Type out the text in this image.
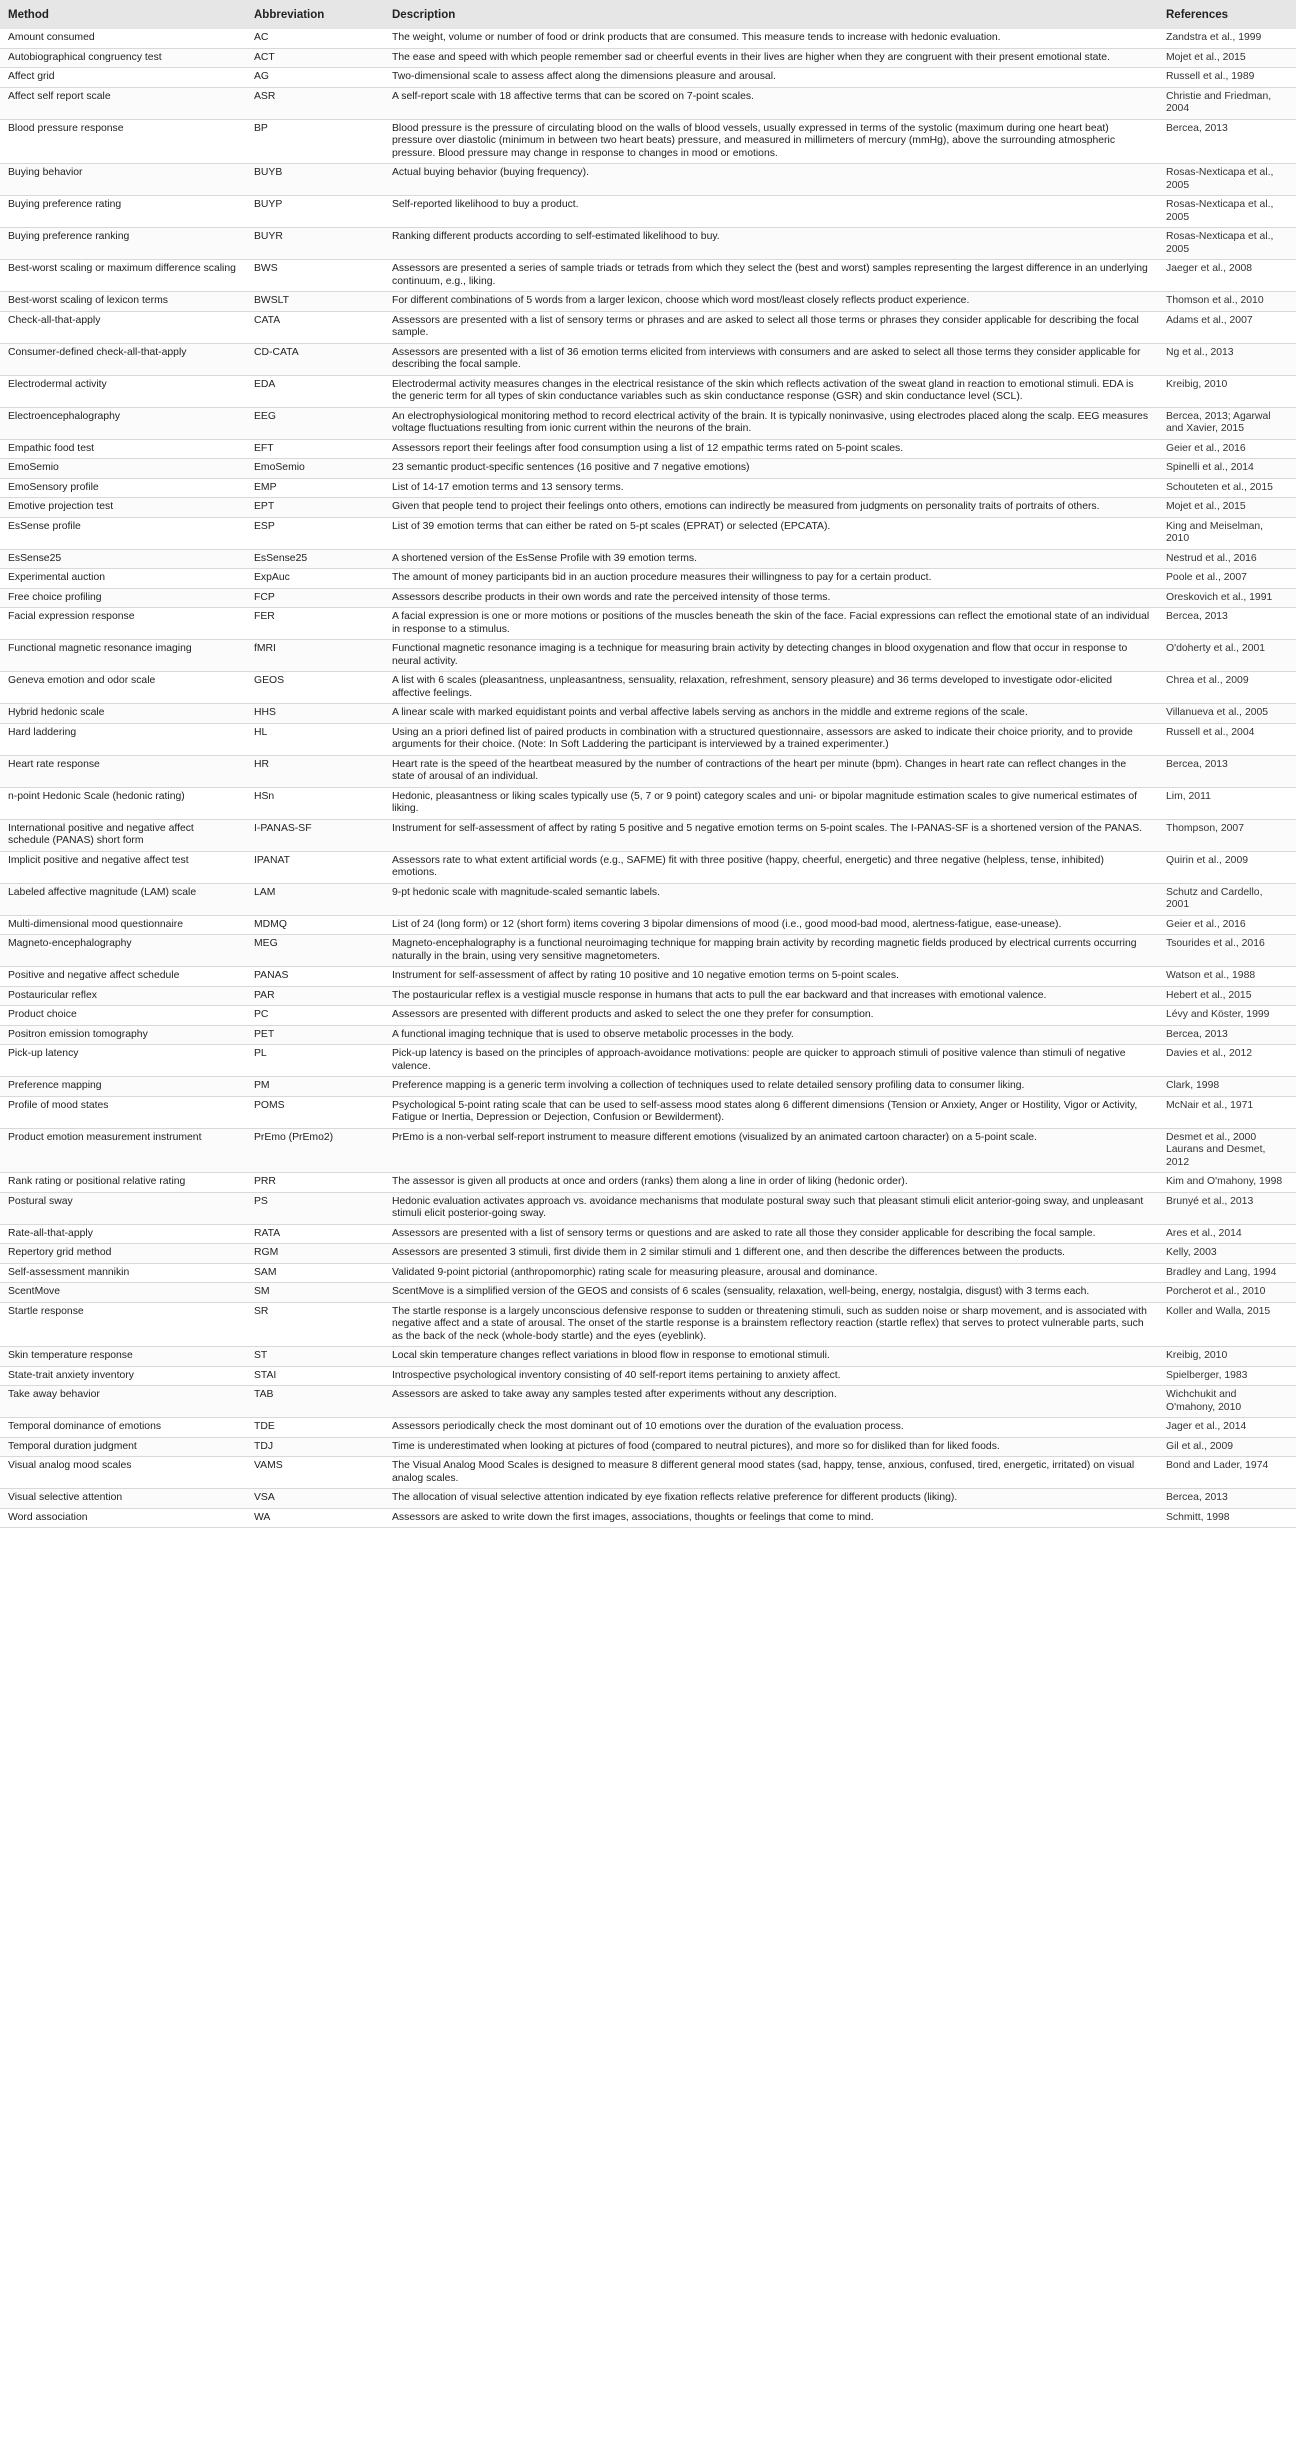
Method	Abbreviation	Description	References
Amount consumed	AC	The weight, volume or number of food or drink products that are consumed. This measure tends to increase with hedonic evaluation.	Zandstra et al., 1999
Autobiographical congruency test	ACT	The ease and speed with which people remember sad or cheerful events in their lives are higher when they are congruent with their present emotional state.	Mojet et al., 2015
Affect grid	AG	Two-dimensional scale to assess affect along the dimensions pleasure and arousal.	Russell et al., 1989
Affect self report scale	ASR	A self-report scale with 18 affective terms that can be scored on 7-point scales.	Christie and Friedman, 2004
Blood pressure response	BP	Blood pressure is the pressure of circulating blood on the walls of blood vessels, usually expressed in terms of the systolic (maximum during one heart beat) pressure over diastolic (minimum in between two heart beats) pressure, and measured in millimeters of mercury (mmHg), above the surrounding atmospheric pressure. Blood pressure may change in response to changes in mood or emotions.	Bercea, 2013
Buying behavior	BUYB	Actual buying behavior (buying frequency).	Rosas-Nexticapa et al., 2005
Buying preference rating	BUYP	Self-reported likelihood to buy a product.	Rosas-Nexticapa et al., 2005
Buying preference ranking	BUYR	Ranking different products according to self-estimated likelihood to buy.	Rosas-Nexticapa et al., 2005
Best-worst scaling or maximum difference scaling	BWS	Assessors are presented a series of sample triads or tetrads from which they select the (best and worst) samples representing the largest difference in an underlying continuum, e.g., liking.	Jaeger et al., 2008
Best-worst scaling of lexicon terms	BWSLT	For different combinations of 5 words from a larger lexicon, choose which word most/least closely reflects product experience.	Thomson et al., 2010
Check-all-that-apply	CATA	Assessors are presented with a list of sensory terms or phrases and are asked to select all those terms or phrases they consider applicable for describing the focal sample.	Adams et al., 2007
Consumer-defined check-all-that-apply	CD-CATA	Assessors are presented with a list of 36 emotion terms elicited from interviews with consumers and are asked to select all those terms they consider applicable for describing the focal sample.	Ng et al., 2013
Electrodermal activity	EDA	Electrodermal activity measures changes in the electrical resistance of the skin which reflects activation of the sweat gland in reaction to emotional stimuli. EDA is the generic term for all types of skin conductance variables such as skin conductance response (GSR) and skin conductance level (SCL).	Kreibig, 2010
Electroencephalography	EEG	An electrophysiological monitoring method to record electrical activity of the brain. It is typically noninvasive, using electrodes placed along the scalp. EEG measures voltage fluctuations resulting from ionic current within the neurons of the brain.	Bercea, 2013; Agarwal and Xavier, 2015
Empathic food test	EFT	Assessors report their feelings after food consumption using a list of 12 empathic terms rated on 5-point scales.	Geier et al., 2016
EmoSemio	EmoSemio	23 semantic product-specific sentences (16 positive and 7 negative emotions)	Spinelli et al., 2014
EmoSensory profile	EMP	List of 14-17 emotion terms and 13 sensory terms.	Schouteten et al., 2015
Emotive projection test	EPT	Given that people tend to project their feelings onto others, emotions can indirectly be measured from judgments on personality traits of portraits of others.	Mojet et al., 2015
EsSense profile	ESP	List of 39 emotion terms that can either be rated on 5-pt scales (EPRAT) or selected (EPCATA).	King and Meiselman, 2010
EsSense25	EsSense25	A shortened version of the EsSense Profile with 39 emotion terms.	Nestrud et al., 2016
Experimental auction	ExpAuc	The amount of money participants bid in an auction procedure measures their willingness to pay for a certain product.	Poole et al., 2007
Free choice profiling	FCP	Assessors describe products in their own words and rate the perceived intensity of those terms.	Oreskovich et al., 1991
Facial expression response	FER	A facial expression is one or more motions or positions of the muscles beneath the skin of the face. Facial expressions can reflect the emotional state of an individual in response to a stimulus.	Bercea, 2013
Functional magnetic resonance imaging	fMRI	Functional magnetic resonance imaging is a technique for measuring brain activity by detecting changes in blood oxygenation and flow that occur in response to neural activity.	O'doherty et al., 2001
Geneva emotion and odor scale	GEOS	A list with 6 scales (pleasantness, unpleasantness, sensuality, relaxation, refreshment, sensory pleasure) and 36 terms developed to investigate odor-elicited affective feelings.	Chrea et al., 2009
Hybrid hedonic scale	HHS	A linear scale with marked equidistant points and verbal affective labels serving as anchors in the middle and extreme regions of the scale.	Villanueva et al., 2005
Hard laddering	HL	Using an a priori defined list of paired products in combination with a structured questionnaire, assessors are asked to indicate their choice priority, and to provide arguments for their choice. (Note: In Soft Laddering the participant is interviewed by a trained experimenter.)	Russell et al., 2004
Heart rate response	HR	Heart rate is the speed of the heartbeat measured by the number of contractions of the heart per minute (bpm). Changes in heart rate can reflect changes in the state of arousal of an individual.	Bercea, 2013
n-point Hedonic Scale (hedonic rating)	HSn	Hedonic, pleasantness or liking scales typically use (5, 7 or 9 point) category scales and uni- or bipolar magnitude estimation scales to give numerical estimates of liking.	Lim, 2011
International positive and negative affect schedule (PANAS) short form	I-PANAS-SF	Instrument for self-assessment of affect by rating 5 positive and 5 negative emotion terms on 5-point scales. The I-PANAS-SF is a shortened version of the PANAS.	Thompson, 2007
Implicit positive and negative affect test	IPANAT	Assessors rate to what extent artificial words (e.g., SAFME) fit with three positive (happy, cheerful, energetic) and three negative (helpless, tense, inhibited) emotions.	Quirin et al., 2009
Labeled affective magnitude (LAM) scale	LAM	9-pt hedonic scale with magnitude-scaled semantic labels.	Schutz and Cardello, 2001
Multi-dimensional mood questionnaire	MDMQ	List of 24 (long form) or 12 (short form) items covering 3 bipolar dimensions of mood (i.e., good mood-bad mood, alertness-fatigue, ease-unease).	Geier et al., 2016
Magneto-encephalography	MEG	Magneto-encephalography is a functional neuroimaging technique for mapping brain activity by recording magnetic fields produced by electrical currents occurring naturally in the brain, using very sensitive magnetometers.	Tsourides et al., 2016
Positive and negative affect schedule	PANAS	Instrument for self-assessment of affect by rating 10 positive and 10 negative emotion terms on 5-point scales.	Watson et al., 1988
Postauricular reflex	PAR	The postauricular reflex is a vestigial muscle response in humans that acts to pull the ear backward and that increases with emotional valence.	Hebert et al., 2015
Product choice	PC	Assessors are presented with different products and asked to select the one they prefer for consumption.	Lévy and Köster, 1999
Positron emission tomography	PET	A functional imaging technique that is used to observe metabolic processes in the body.	Bercea, 2013
Pick-up latency	PL	Pick-up latency is based on the principles of approach-avoidance motivations: people are quicker to approach stimuli of positive valence than stimuli of negative valence.	Davies et al., 2012
Preference mapping	PM	Preference mapping is a generic term involving a collection of techniques used to relate detailed sensory profiling data to consumer liking.	Clark, 1998
Profile of mood states	POMS	Psychological 5-point rating scale that can be used to self-assess mood states along 6 different dimensions (Tension or Anxiety, Anger or Hostility, Vigor or Activity, Fatigue or Inertia, Depression or Dejection, Confusion or Bewilderment).	McNair et al., 1971
Product emotion measurement instrument	PrEmo (PrEmo2)	PrEmo is a non-verbal self-report instrument to measure different emotions (visualized by an animated cartoon character) on a 5-point scale.	Desmet et al., 2000 Laurans and Desmet, 2012
Rank rating or positional relative rating	PRR	The assessor is given all products at once and orders (ranks) them along a line in order of liking (hedonic order).	Kim and O'mahony, 1998
Postural sway	PS	Hedonic evaluation activates approach vs. avoidance mechanisms that modulate postural sway such that pleasant stimuli elicit anterior-going sway, and unpleasant stimuli elicit posterior-going sway.	Brunyé et al., 2013
Rate-all-that-apply	RATA	Assessors are presented with a list of sensory terms or questions and are asked to rate all those they consider applicable for describing the focal sample.	Ares et al., 2014
Repertory grid method	RGM	Assessors are presented 3 stimuli, first divide them in 2 similar stimuli and 1 different one, and then describe the differences between the products.	Kelly, 2003
Self-assessment mannikin	SAM	Validated 9-point pictorial (anthropomorphic) rating scale for measuring pleasure, arousal and dominance.	Bradley and Lang, 1994
ScentMove	SM	ScentMove is a simplified version of the GEOS and consists of 6 scales (sensuality, relaxation, well-being, energy, nostalgia, disgust) with 3 terms each.	Porcherot et al., 2010
Startle response	SR	The startle response is a largely unconscious defensive response to sudden or threatening stimuli, such as sudden noise or sharp movement, and is associated with negative affect and a state of arousal. The onset of the startle response is a brainstem reflectory reaction (startle reflex) that serves to protect vulnerable parts, such as the back of the neck (whole-body startle) and the eyes (eyeblink).	Koller and Walla, 2015
Skin temperature response	ST	Local skin temperature changes reflect variations in blood flow in response to emotional stimuli.	Kreibig, 2010
State-trait anxiety inventory	STAI	Introspective psychological inventory consisting of 40 self-report items pertaining to anxiety affect.	Spielberger, 1983
Take away behavior	TAB	Assessors are asked to take away any samples tested after experiments without any description.	Wichchukit and O'mahony, 2010
Temporal dominance of emotions	TDE	Assessors periodically check the most dominant out of 10 emotions over the duration of the evaluation process.	Jager et al., 2014
Temporal duration judgment	TDJ	Time is underestimated when looking at pictures of food (compared to neutral pictures), and more so for disliked than for liked foods.	Gil et al., 2009
Visual analog mood scales	VAMS	The Visual Analog Mood Scales is designed to measure 8 different general mood states (sad, happy, tense, anxious, confused, tired, energetic, irritated) on visual analog scales.	Bond and Lader, 1974
Visual selective attention	VSA	The allocation of visual selective attention indicated by eye fixation reflects relative preference for different products (liking).	Bercea, 2013
Word association	WA	Assessors are asked to write down the first images, associations, thoughts or feelings that come to mind.	Schmitt, 1998
